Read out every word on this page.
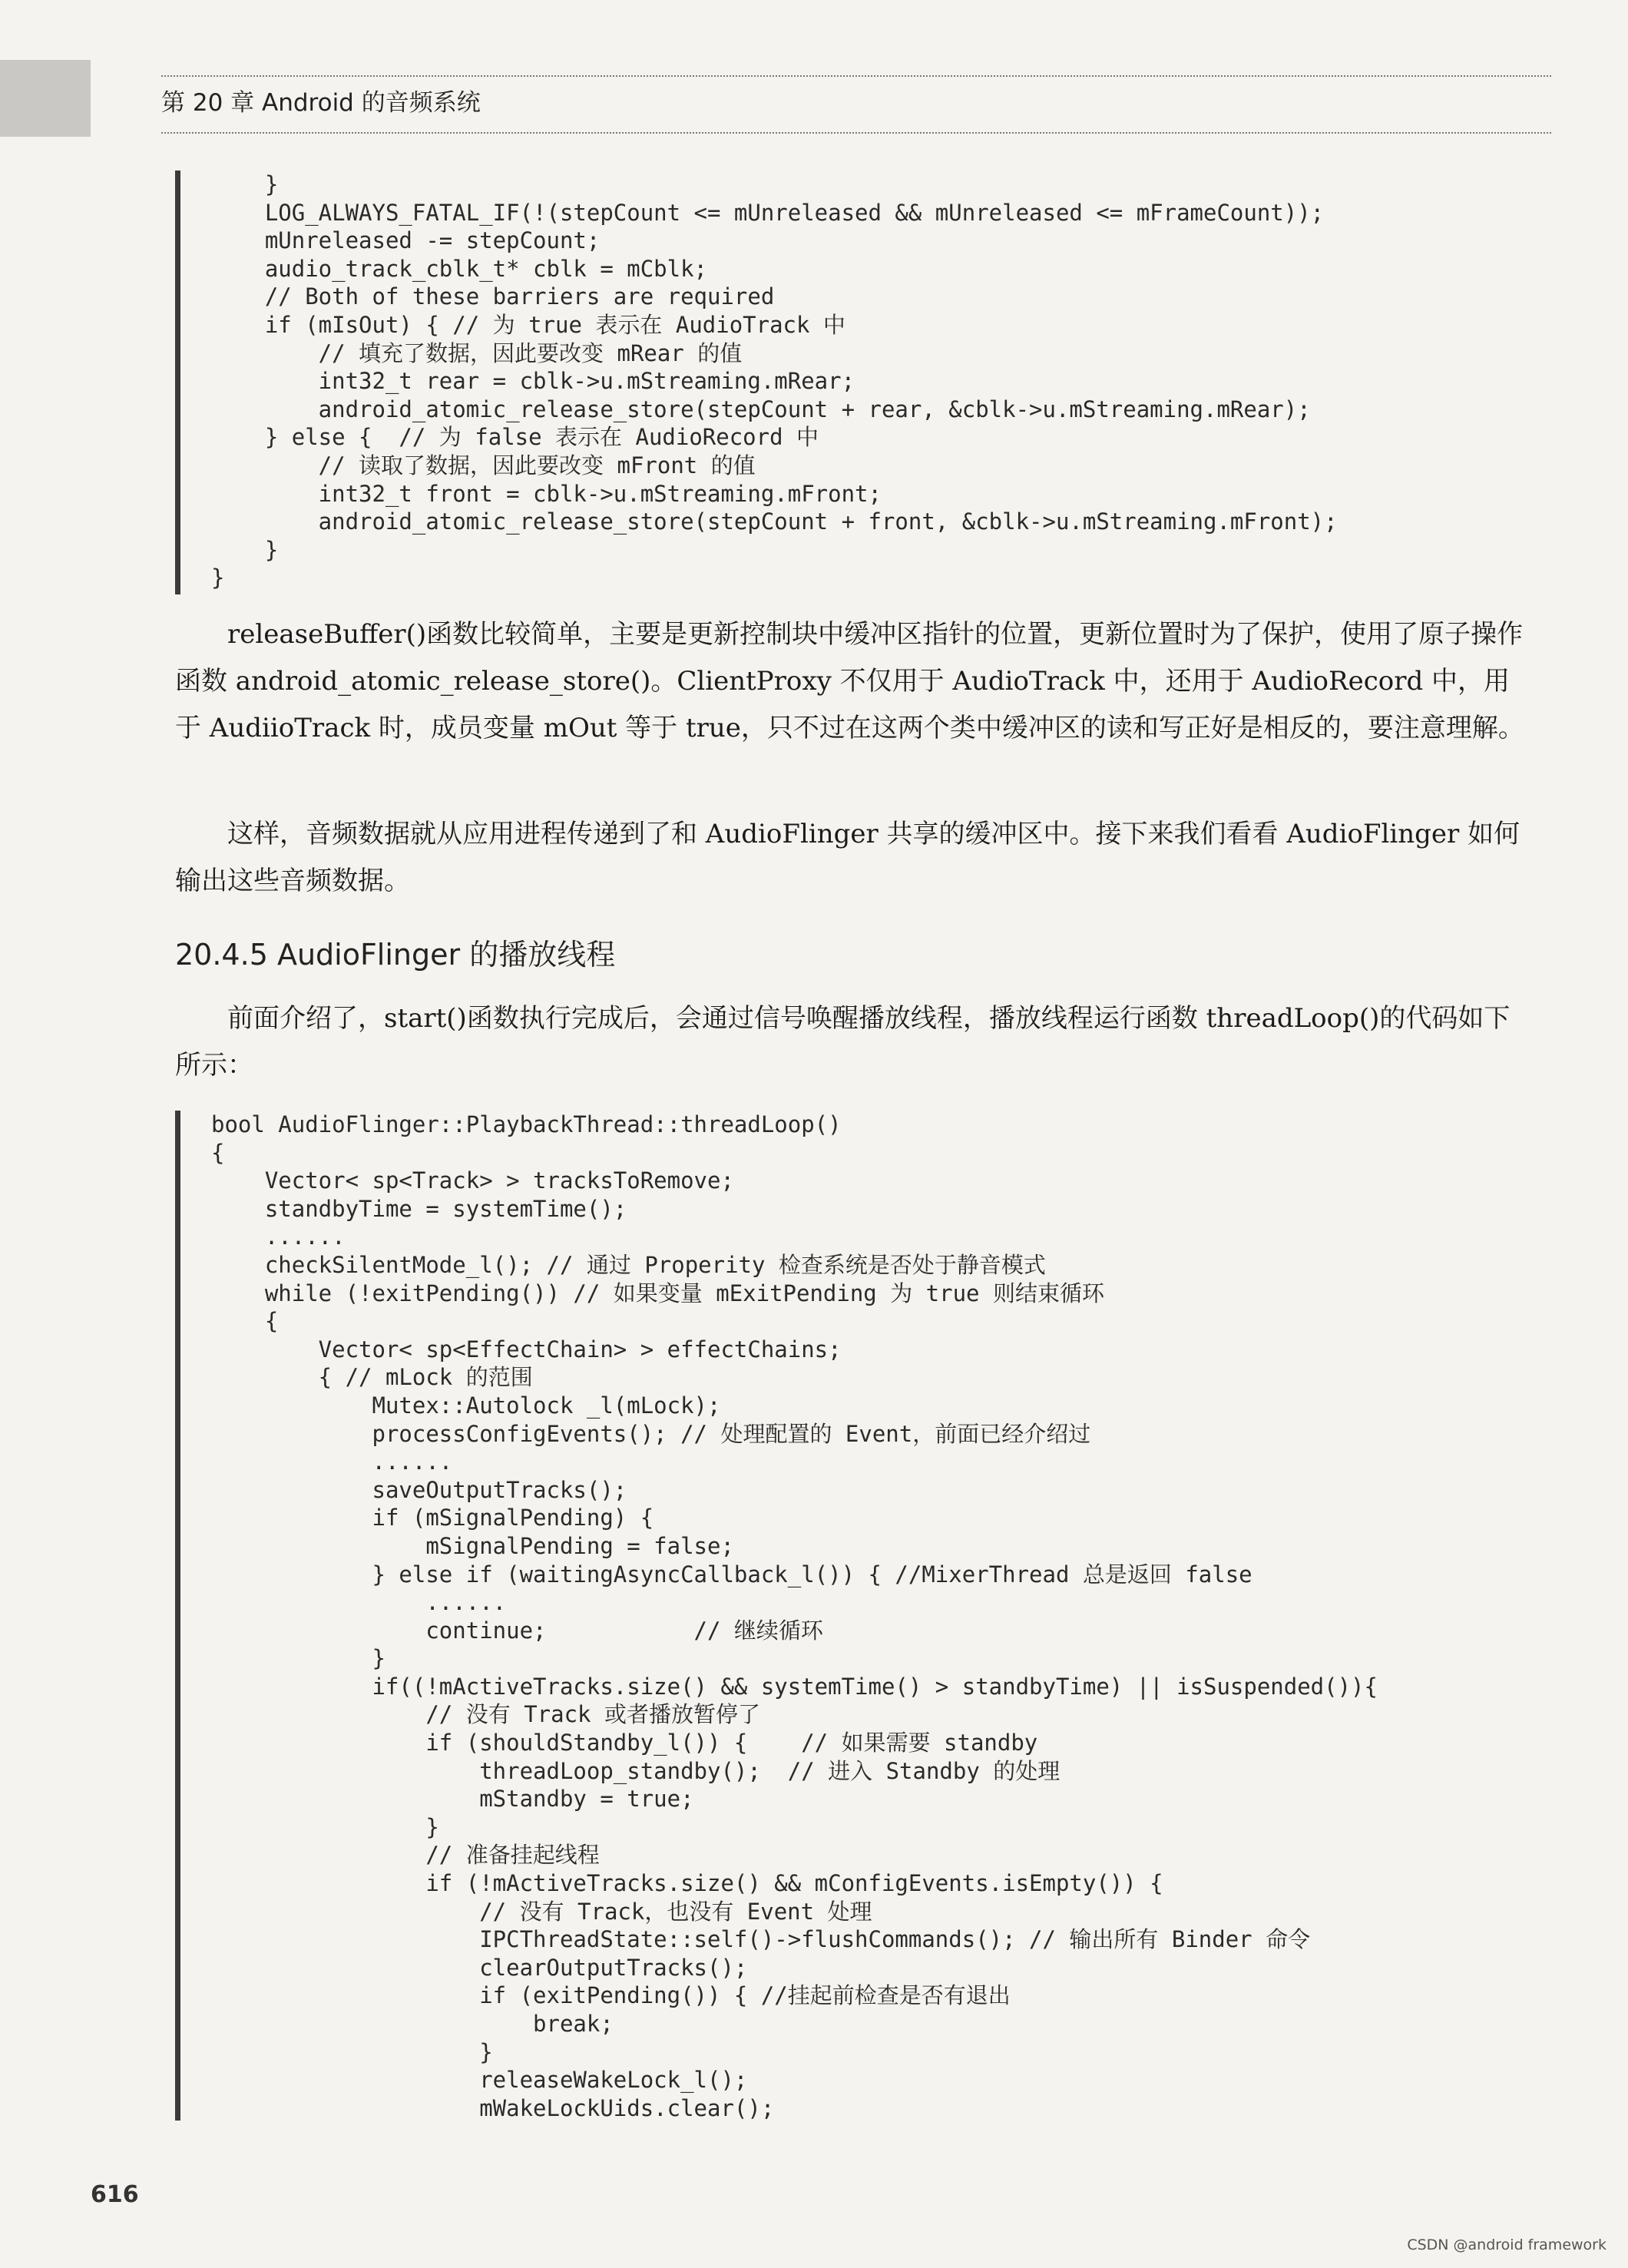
第 20 章 Android 的音频系统
}
LOG_ALWAYS_FATAL_IF(!(stepCount <= mUnreleased && mUnreleased <= mFrameCount));
mUnreleased -= stepCount;
audio_track_cblk_t* cblk = mCblk;
// Both of these barriers are required
if (mIsOut) { // 为 true 表示在 AudioTrack 中
// 填充了数据，因此要改变 mRear 的值
int32_t rear = cblk->u.mStreaming.mRear;
android_atomic_release_store(stepCount + rear, &cblk->u.mStreaming.mRear);
} else {  // 为 false 表示在 AudioRecord 中
// 读取了数据，因此要改变 mFront 的值
int32_t front = cblk->u.mStreaming.mFront;
android_atomic_release_store(stepCount + front, &cblk->u.mStreaming.mFront);
}
}

releaseBuffer()函数比较简单，主要是更新控制块中缓冲区指针的位置，更新位置时为了保护，使用了原子操作函数 android_atomic_release_store()。ClientProxy 不仅用于 AudioTrack 中，还用于 AudioRecord 中，用于 AudiioTrack 时，成员变量 mOut 等于 true，只不过在这两个类中缓冲区的读和写正好是相反的，要注意理解。

这样，音频数据就从应用进程传递到了和 AudioFlinger 共享的缓冲区中。接下来我们看看 AudioFlinger 如何输出这些音频数据。

20.4.5 AudioFlinger 的播放线程

前面介绍了，start()函数执行完成后，会通过信号唤醒播放线程，播放线程运行函数 threadLoop()的代码如下所示：

bool AudioFlinger::PlaybackThread::threadLoop()
{
Vector< sp<Track> > tracksToRemove;
standbyTime = systemTime();
......
checkSilentMode_l(); // 通过 Properity 检查系统是否处于静音模式
while (!exitPending()) // 如果变量 mExitPending 为 true 则结束循环
{
Vector< sp<EffectChain> > effectChains;
{ // mLock 的范围
Mutex::Autolock _l(mLock);
processConfigEvents(); // 处理配置的 Event，前面已经介绍过
......
saveOutputTracks();
if (mSignalPending) {
mSignalPending = false;
} else if (waitingAsyncCallback_l()) { //MixerThread 总是返回 false
......
continue;           // 继续循环
}
if((!mActiveTracks.size() && systemTime() > standbyTime) || isSuspended()){
// 没有 Track 或者播放暂停了
if (shouldStandby_l()) {    // 如果需要 standby
threadLoop_standby();  // 进入 Standby 的处理
mStandby = true;
}
// 准备挂起线程
if (!mActiveTracks.size() && mConfigEvents.isEmpty()) {
// 没有 Track，也没有 Event 处理
IPCThreadState::self()->flushCommands(); // 输出所有 Binder 命令
clearOutputTracks();
if (exitPending()) { //挂起前检查是否有退出
break;
}
releaseWakeLock_l();
mWakeLockUids.clear();
616
CSDN @android framework
